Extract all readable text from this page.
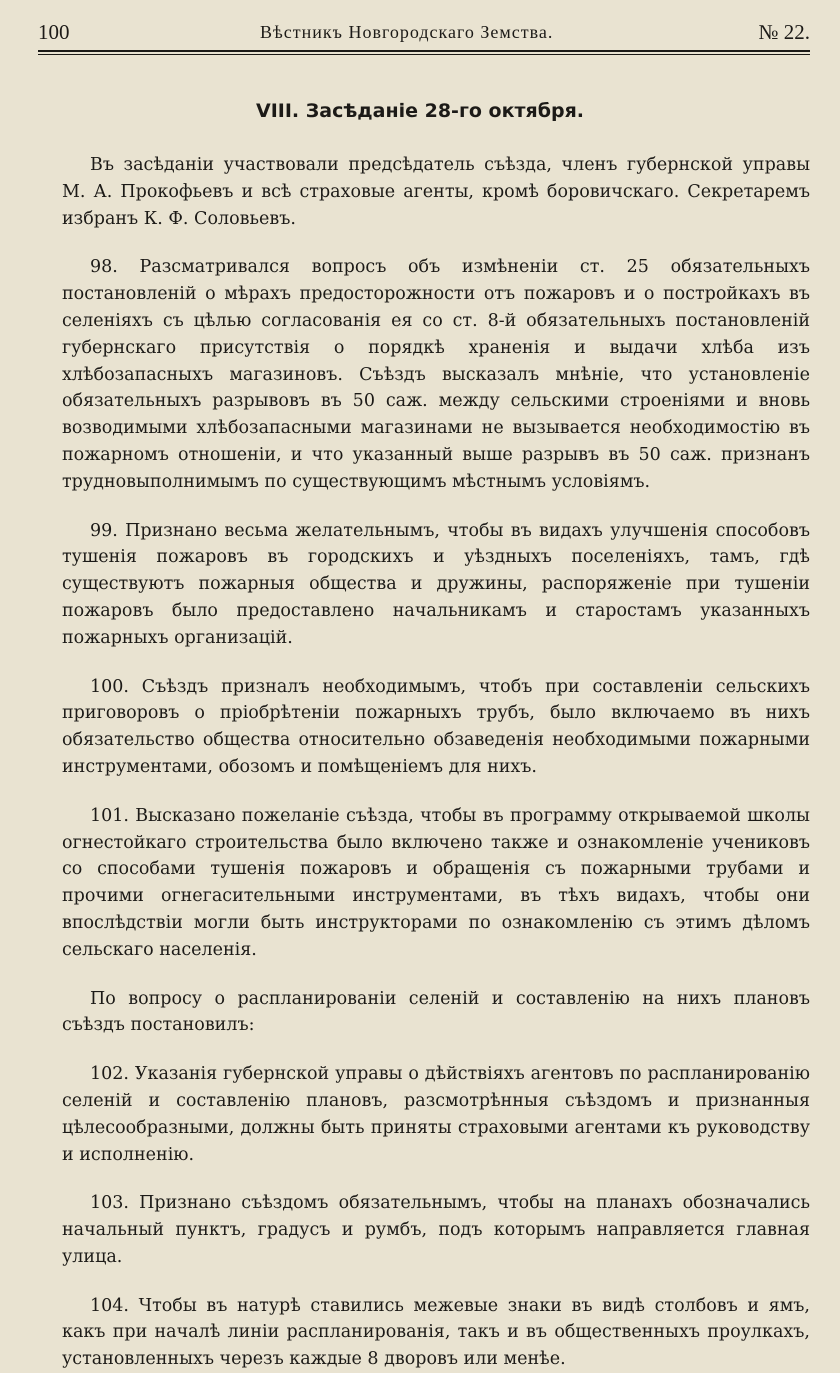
100	Вѣстникъ Новгородскаго Земства.	№ 22.
VIII. Засѣданіе 28-го октября.

Въ засѣданіи участвовали предсѣдатель съѣзда, членъ губернской управы М. А. Прокофьевъ и всѣ страховые агенты, кромѣ боровичскаго. Секретаремъ избранъ К. Ф. Соловьевъ.

98. Разсматривался вопросъ объ измѣненіи ст. 25 обязательныхъ постановленій о мѣрахъ предосторожности отъ пожаровъ и о постройкахъ въ селеніяхъ съ цѣлью согласованія ея со ст. 8-й обязательныхъ постановленій губернскаго присутствія о порядкѣ храненія и выдачи хлѣба изъ хлѣбозапасныхъ магазиновъ. Съѣздъ высказалъ мнѣніе, что установленіе обязательныхъ разрывовъ въ 50 саж. между сельскими строеніями и вновь возводимыми хлѣбозапасными магазинами не вызывается необходимостію въ пожарномъ отношеніи, и что указанный выше разрывъ въ 50 саж. признанъ трудновыполнимымъ по существующимъ мѣстнымъ условіямъ.

99. Признано весьма желательнымъ, чтобы въ видахъ улучшенія способовъ тушенія пожаровъ въ городскихъ и уѣздныхъ поселеніяхъ, тамъ, гдѣ существуютъ пожарныя общества и дружины, распоряженіе при тушеніи пожаровъ было предоставлено начальникамъ и старостамъ указанныхъ пожарныхъ организацій.

100. Съѣздъ призналъ необходимымъ, чтобъ при составленіи сельскихъ приговоровъ о пріобрѣтеніи пожарныхъ трубъ, было включаемо въ нихъ обязательство общества относительно обзаведенія необходимыми пожарными инструментами, обозомъ и помѣщеніемъ для нихъ.

101. Высказано пожеланіе съѣзда, чтобы въ программу открываемой школы огнестойкаго строительства было включено также и ознакомленіе учениковъ со способами тушенія пожаровъ и обращенія съ пожарными трубами и прочими огнегасительными инструментами, въ тѣхъ видахъ, чтобы они впослѣдствіи могли быть инструкторами по ознакомленію съ этимъ дѣломъ сельскаго населенія.

По вопросу о распланированіи селеній и составленію на нихъ плановъ съѣздъ постановилъ:

102. Указанія губернской управы о дѣйствіяхъ агентовъ по распланированію селеній и составленію плановъ, разсмотрѣнныя съѣздомъ и признанныя цѣлесообразными, должны быть приняты страховыми агентами къ руководству и исполненію.

103. Признано съѣздомъ обязательнымъ, чтобы на планахъ обозначались начальный пунктъ, градусъ и румбъ, подъ которымъ направляется главная улица.

104. Чтобы въ натурѣ ставились межевые знаки въ видѣ столбовъ и ямъ, какъ при началѣ линіи распланированія, такъ и въ общественныхъ проулкахъ, установленныхъ черезъ каждые 8 дворовъ или менѣе.
